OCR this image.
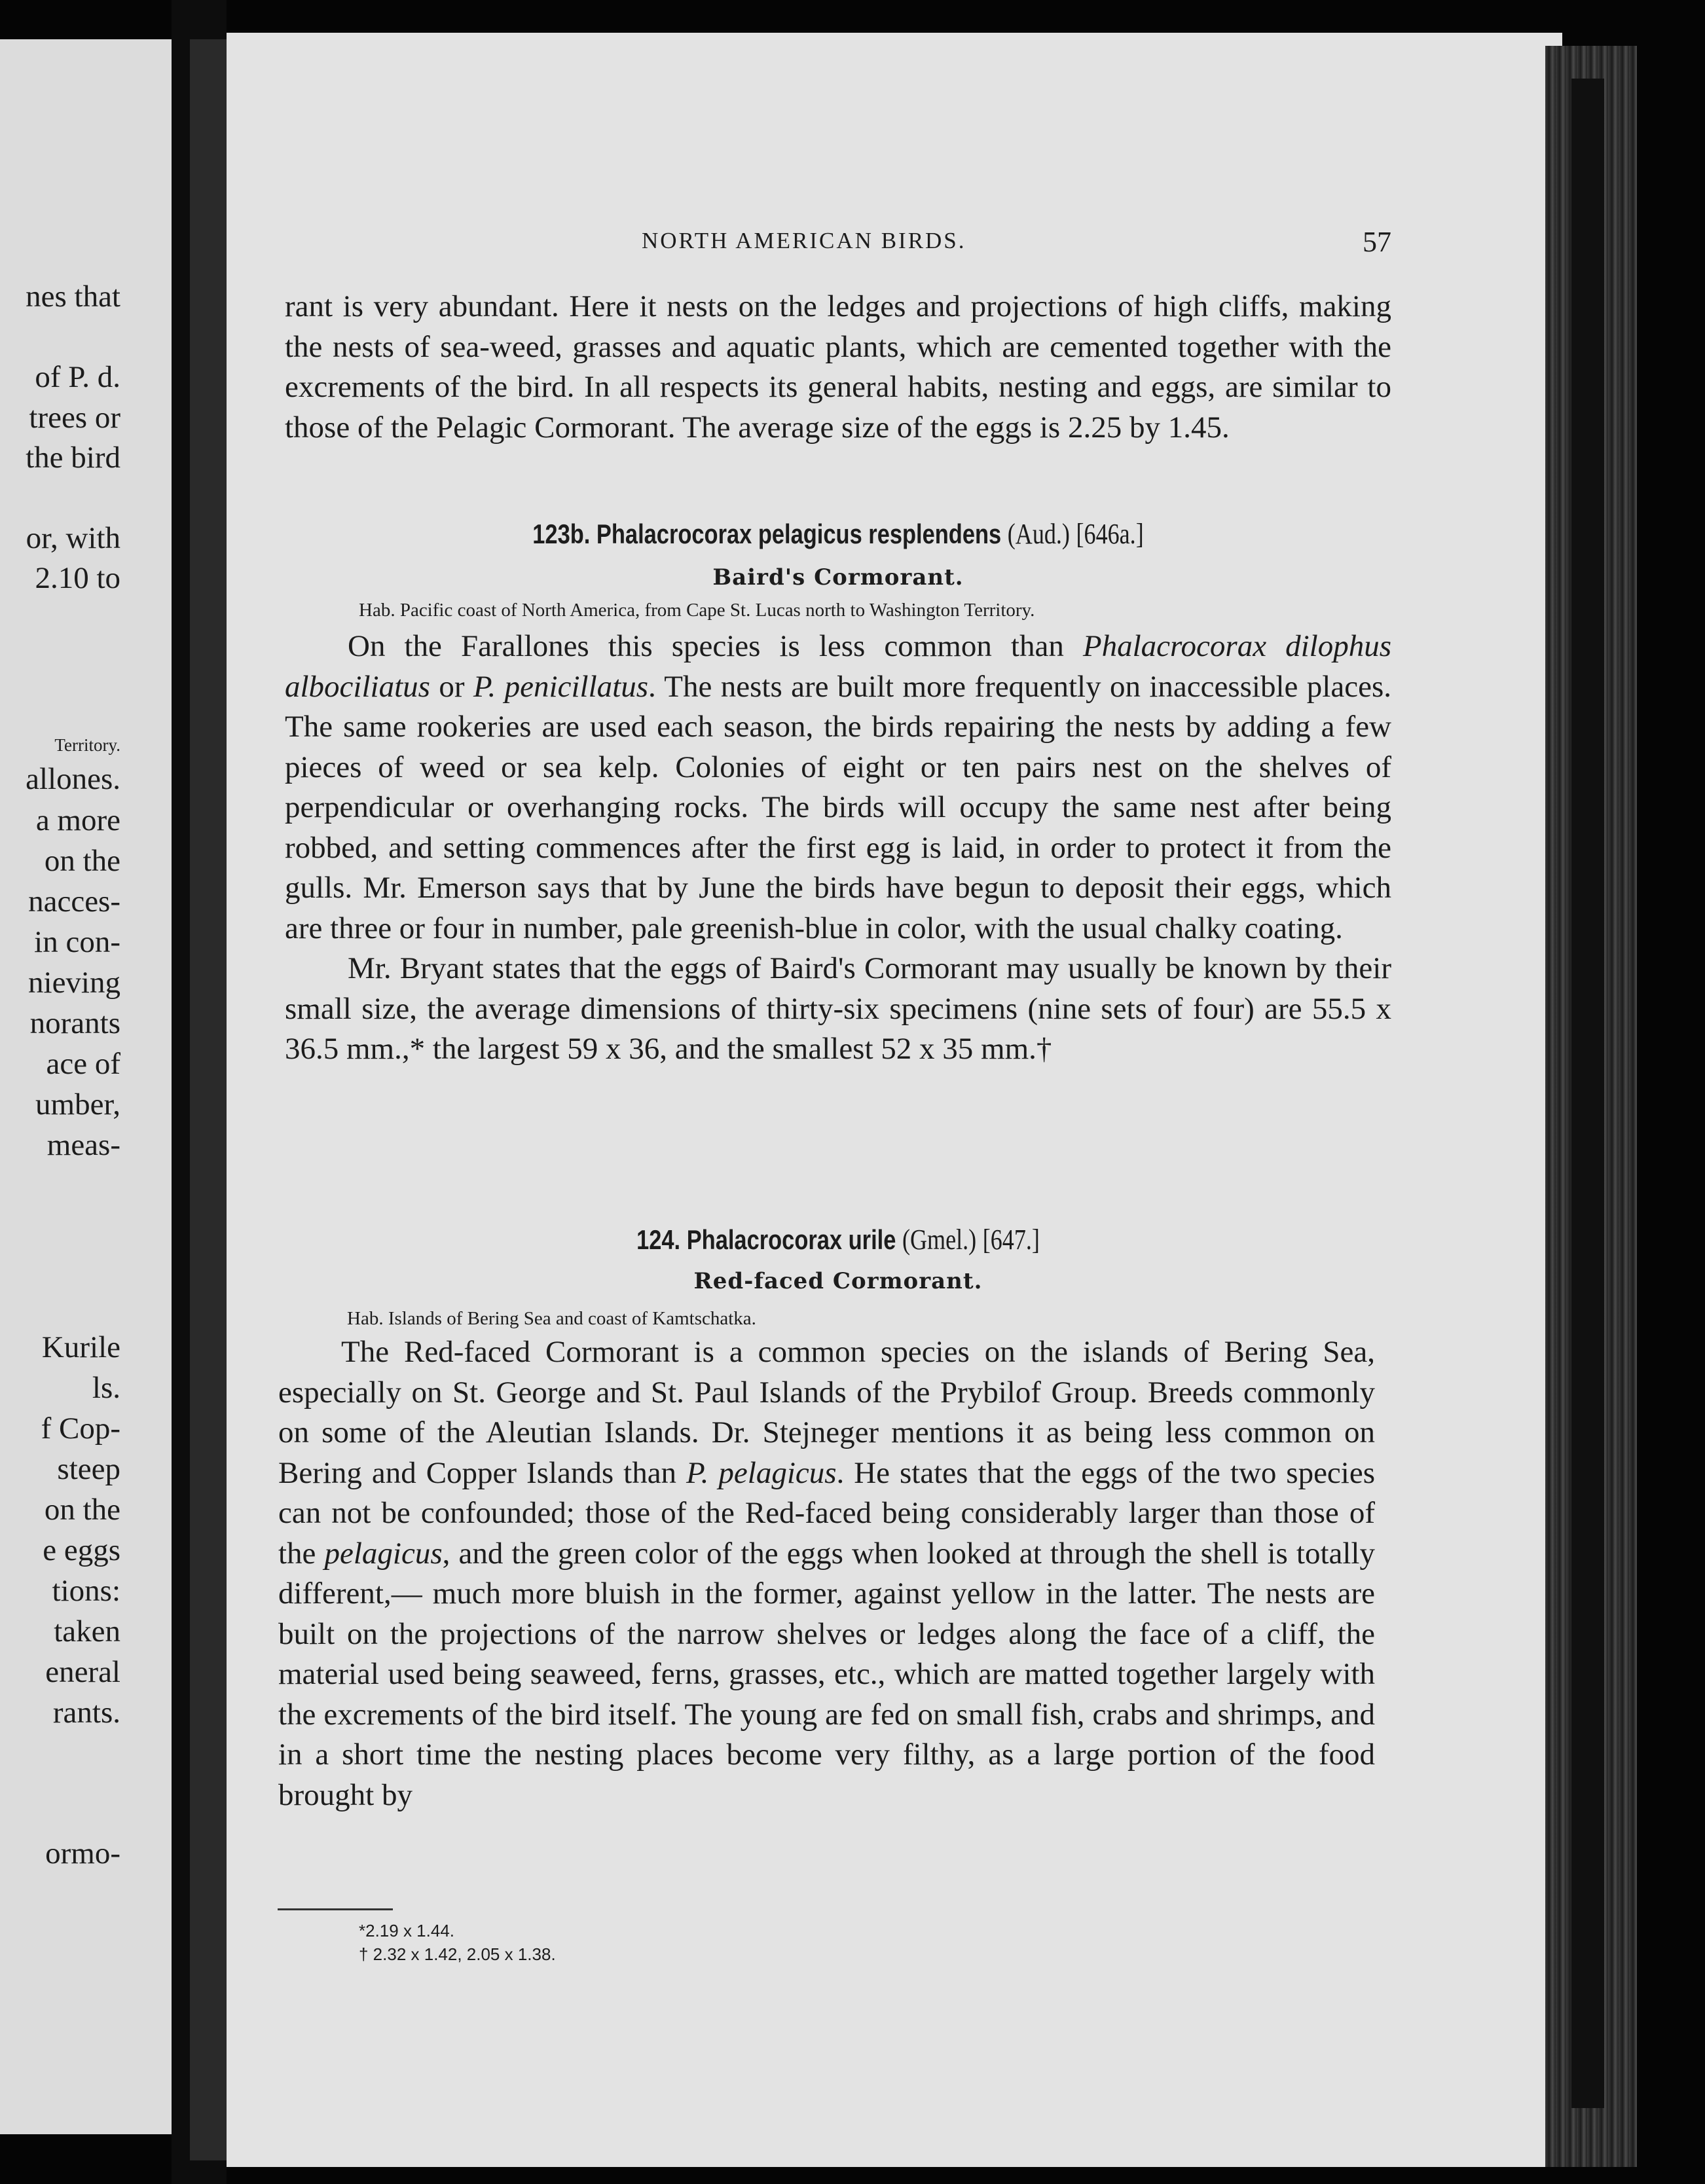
nes that
of P. d.
trees or
the bird
or, with
2.10 to
Territory.
allones.
a more
on the
nacces-
in con-
nieving
norants
ace of
umber,
meas-
Kurile
ls.
f Cop-
steep
on the
e eggs
tions:
taken
eneral
rants.
ormo-
NORTH AMERICAN BIRDS.	57

rant is very abundant. Here it nests on the ledges and projections of high cliffs, making the nests of sea-weed, grasses and aquatic plants, which are cemented together with the excrements of the bird. In all respects its general habits, nesting and eggs, are similar to those of the Pelagic Cormorant. The average size of the eggs is 2.25 by 1.45.

123b. Phalacrocorax pelagicus resplendens (Aud.) [646a.]
Baird's Cormorant.
Hab. Pacific coast of North America, from Cape St. Lucas north to Washington Territory.

On the Farallones this species is less common than Phalacrocorax dilophus albociliatus or P. penicillatus. The nests are built more frequently on inaccessible places. The same rookeries are used each season, the birds repairing the nests by adding a few pieces of weed or sea kelp. Colonies of eight or ten pairs nest on the shelves of perpendicular or overhanging rocks. The birds will occupy the same nest after being robbed, and setting commences after the first egg is laid, in order to protect it from the gulls. Mr. Emerson says that by June the birds have begun to deposit their eggs, which are three or four in number, pale greenish-blue in color, with the usual chalky coating.

Mr. Bryant states that the eggs of Baird's Cormorant may usually be known by their small size, the average dimensions of thirty-six specimens (nine sets of four) are 55.5 x 36.5 mm.,* the largest 59 x 36, and the smallest 52 x 35 mm.†

124. Phalacrocorax urile (Gmel.) [647.]
Red-faced Cormorant.
Hab. Islands of Bering Sea and coast of Kamtschatka.

The Red-faced Cormorant is a common species on the islands of Bering Sea, especially on St. George and St. Paul Islands of the Prybilof Group. Breeds commonly on some of the Aleutian Islands. Dr. Stejneger mentions it as being less common on Bering and Copper Islands than P. pelagicus. He states that the eggs of the two species can not be confounded; those of the Red-faced being considerably larger than those of the pelagicus, and the green color of the eggs when looked at through the shell is totally different,— much more bluish in the former, against yellow in the latter. The nests are built on the projections of the narrow shelves or ledges along the face of a cliff, the material used being seaweed, ferns, grasses, etc., which are matted together largely with the excrements of the bird itself. The young are fed on small fish, crabs and shrimps, and in a short time the nesting places become very filthy, as a large portion of the food brought by

*2.19 x 1.44.
† 2.32 x 1.42, 2.05 x 1.38.
